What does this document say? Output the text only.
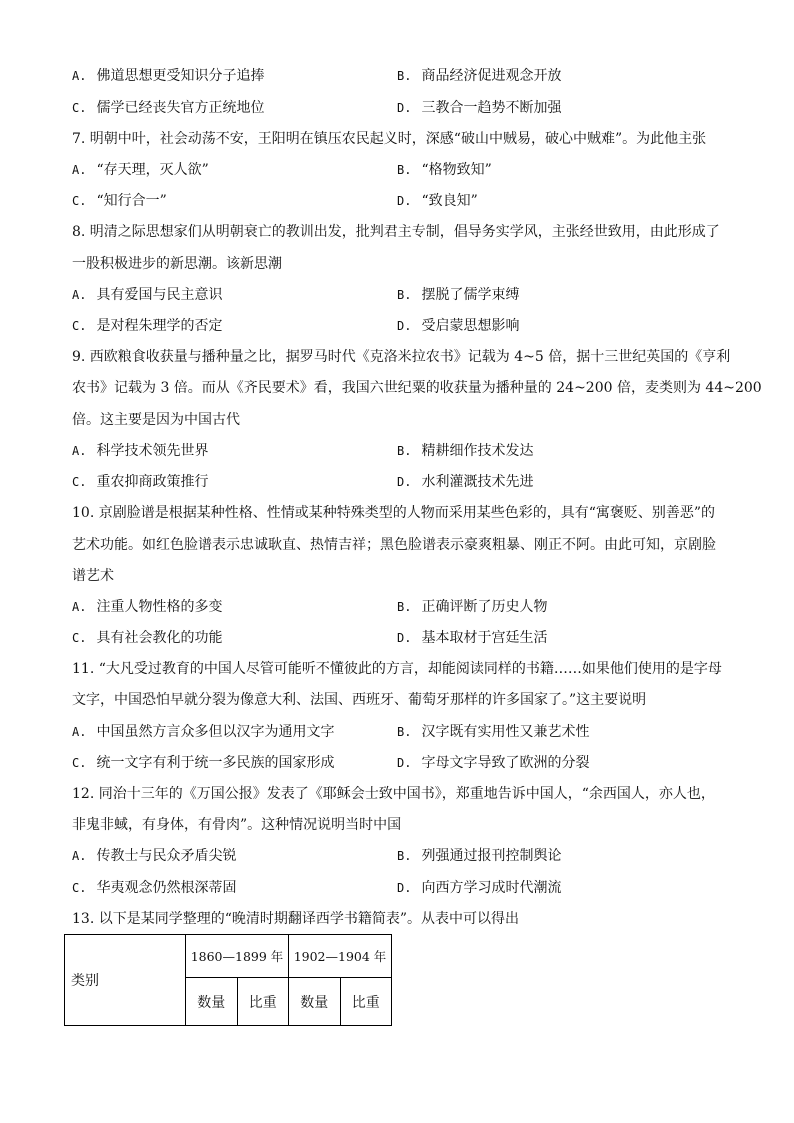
A. 佛道思想更受知识分子追捧	B. 商品经济促进观念开放
C. 儒学已经丧失官方正统地位	D. 三教合一趋势不断加强
7. 明朝中叶，社会动荡不安，王阳明在镇压农民起义时，深感“破山中贼易，破心中贼难”。为此他主张
A. “存天理，灭人欲”	B. “格物致知”
C. “知行合一”	D. “致良知”
8. 明清之际思想家们从明朝衰亡的教训出发，批判君主专制，倡导务实学风，主张经世致用，由此形成了
一股积极进步的新思潮。该新思潮
A. 具有爱国与民主意识	B. 摆脱了儒学束缚
C. 是对程朱理学的否定	D. 受启蒙思想影响
9. 西欧粮食收获量与播种量之比，据罗马时代《克洛米拉农书》记载为 4~5 倍，据十三世纪英国的《亨利
农书》记载为 3 倍。而从《齐民要术》看，我国六世纪粟的收获量为播种量的 24~200 倍，麦类则为 44~200
倍。这主要是因为中国古代
A. 科学技术领先世界	B. 精耕细作技术发达
C. 重农抑商政策推行	D. 水利灌溉技术先进
10. 京剧脸谱是根据某种性格、性情或某种特殊类型的人物而采用某些色彩的，具有“寓褒贬、别善恶”的
艺术功能。如红色脸谱表示忠诚耿直、热情吉祥；黑色脸谱表示豪爽粗暴、刚正不阿。由此可知，京剧脸
谱艺术
A. 注重人物性格的多变	B. 正确评断了历史人物
C. 具有社会教化的功能	D. 基本取材于宫廷生活
11. “大凡受过教育的中国人尽管可能听不懂彼此的方言，却能阅读同样的书籍……如果他们使用的是字母
文字，中国恐怕早就分裂为像意大利、法国、西班牙、葡萄牙那样的许多国家了。”这主要说明
A. 中国虽然方言众多但以汉字为通用文字	B. 汉字既有实用性又兼艺术性
C. 统一文字有利于统一多民族的国家形成	D. 字母文字导致了欧洲的分裂
12. 同治十三年的《万国公报》发表了《耶稣会士致中国书》，郑重地告诉中国人，“余西国人，亦人也，
非鬼非蜮，有身体，有骨肉”。这种情况说明当时中国
A. 传教士与民众矛盾尖锐	B. 列强通过报刊控制舆论
C. 华夷观念仍然根深蒂固	D. 向西方学习成时代潮流
13. 以下是某同学整理的“晚清时期翻译西学书籍简表”。从表中可以得出
类别	1860—1899 年		1902—1904 年	
	数量	比重	数量	比重
